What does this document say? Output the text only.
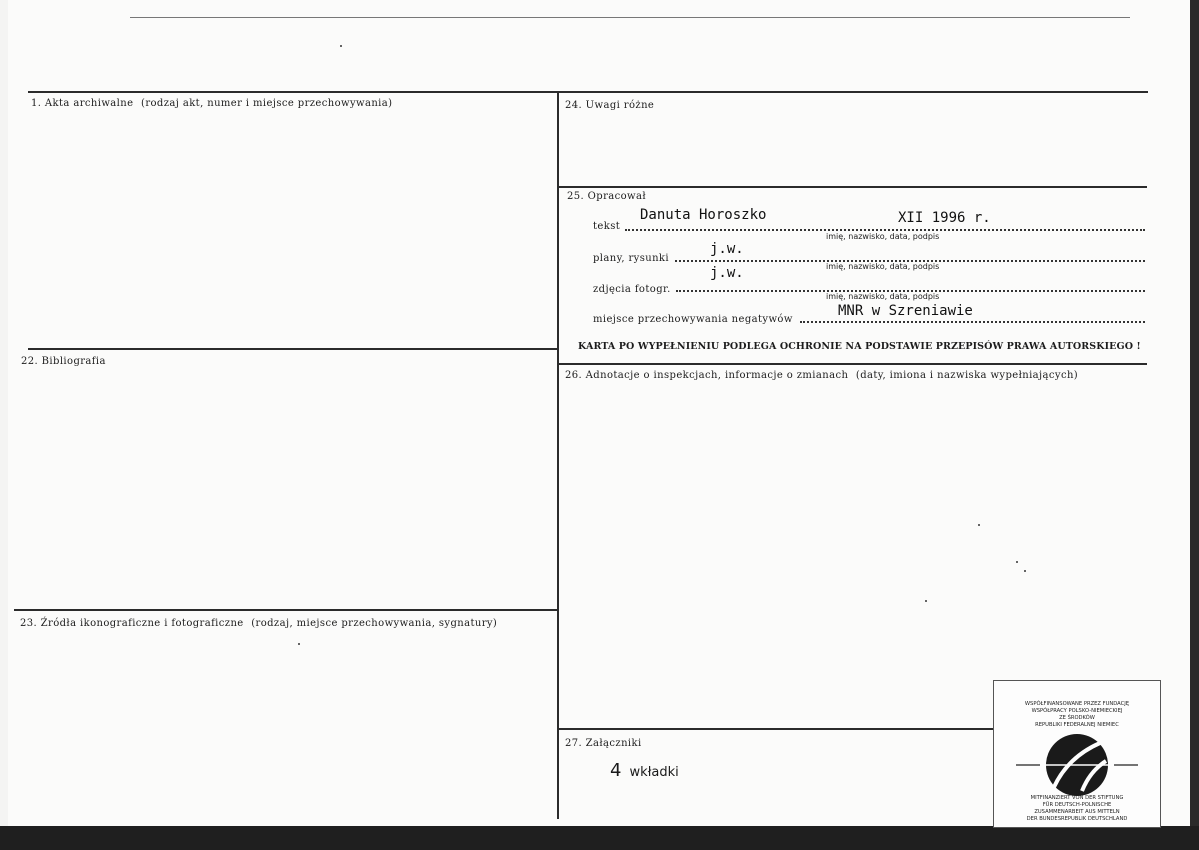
1. Akta archiwalne (rodzaj akt, numer i miejsce przechowywania)
22. Bibliografia
23. Źródła ikonograficzne i fotograficzne (rodzaj, miejsce przechowywania, sygnatury)
24. Uwagi różne
25. Opracował
tekst
Danuta Horoszko	XII 1996 r.
imię, nazwisko, data, podpis
plany, rysunki
j.w.
imię, nazwisko, data, podpis
zdjęcia fotogr.
j.w.
imię, nazwisko, data, podpis
miejsce przechowywania negatywów
MNR w Szreniawie
KARTA PO WYPEŁNIENIU PODLEGA OCHRONIE NA PODSTAWIE PRZEPISÓW PRAWA AUTORSKIEGO !
26. Adnotacje o inspekcjach, informacje o zmianach (daty, imiona i nazwiska wypełniających)
27. Załączniki
4 wkładki
WSPÓŁFINANSOWANE PRZEZ FUNDACJĘ
WSPÓŁPRACY POLSKO-NIEMIECKIEJ
ZE ŚRODKÓW
REPUBLIKI FEDERALNEJ NIEMIEC
MITFINANZIERT VON DER STIFTUNG
FÜR DEUTSCH-POLNISCHE
ZUSAMMENARBEIT AUS MITTELN
DER BUNDESREPUBLIK DEUTSCHLAND
